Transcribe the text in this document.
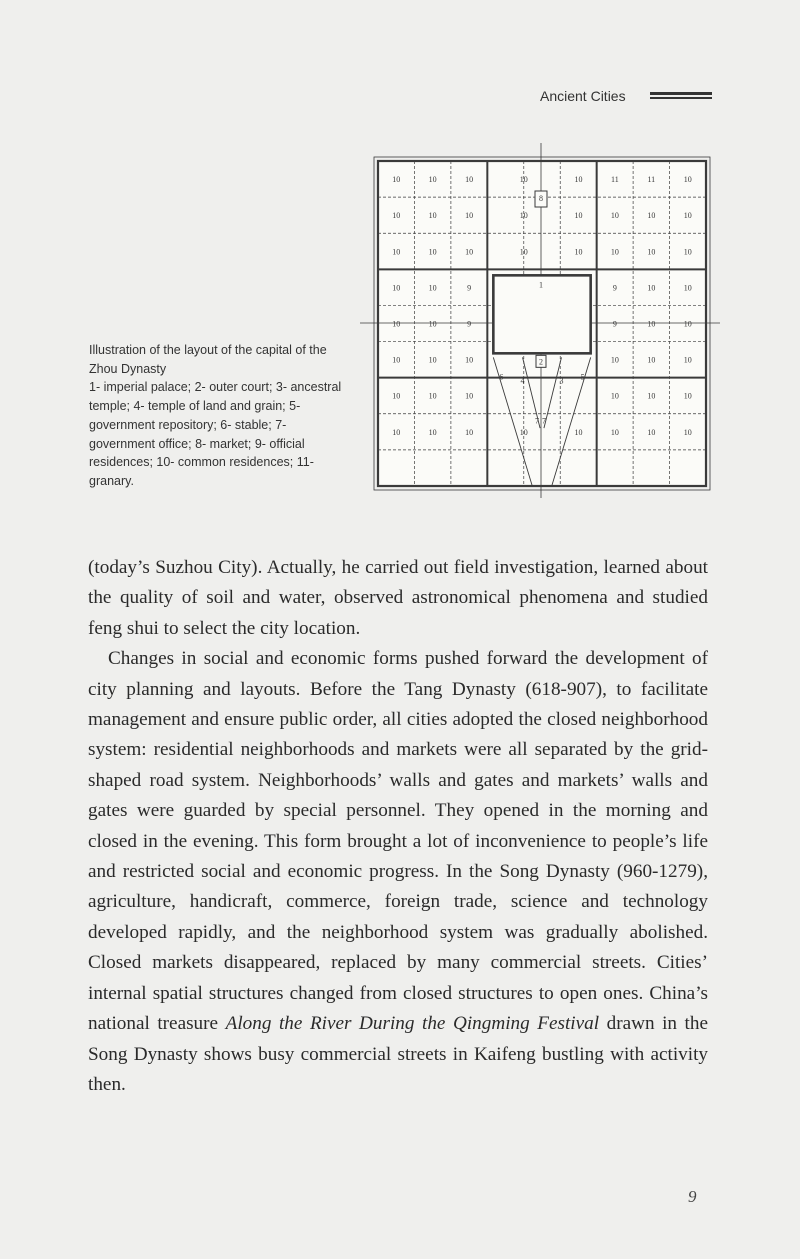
Ancient Cities

Illustration of the layout of the capital of the Zhou Dynasty

1- imperial palace; 2- outer court; 3- ancestral temple; 4- temple of land and grain; 5- government repository; 6- stable; 7- government office; 8- market; 9- official residences; 10- common residences; 11- granary.

10	10	10	10	10	11	11	10
10	10	10	10	10	10	10	10
10	10	10	10	10	10	10	10
10	10	9	9	10	10
10	10	9	9	10	10
10	10	10	10	10	10
10	10	10	10	10	10
10	10	10	10	10	10	10	10
1
2
8
4	3
6	5
7 7

(today’s Suzhou City). Actually, he carried out field investigation, learned about the quality of soil and water, observed astronomical phenomena and studied feng shui to select the city location.

Changes in social and economic forms pushed forward the development of city planning and layouts. Before the Tang Dynasty (618-907), to facilitate management and ensure public order, all cities adopted the closed neighborhood system: residential neighborhoods and markets were all separated by the grid-shaped road system. Neighborhoods’ walls and gates and markets’ walls and gates were guarded by special personnel. They opened in the morning and closed in the evening. This form brought a lot of inconvenience to people’s life and restricted social and economic progress. In the Song Dynasty (960-1279), agriculture, handicraft, commerce, foreign trade, science and technology developed rapidly, and the neighborhood system was gradually abolished. Closed markets disappeared, replaced by many commercial streets. Cities’ internal spatial structures changed from closed structures to open ones. China’s national treasure Along the River During the Qingming Festival drawn in the Song Dynasty shows busy commercial streets in Kaifeng bustling with activity then.

9
